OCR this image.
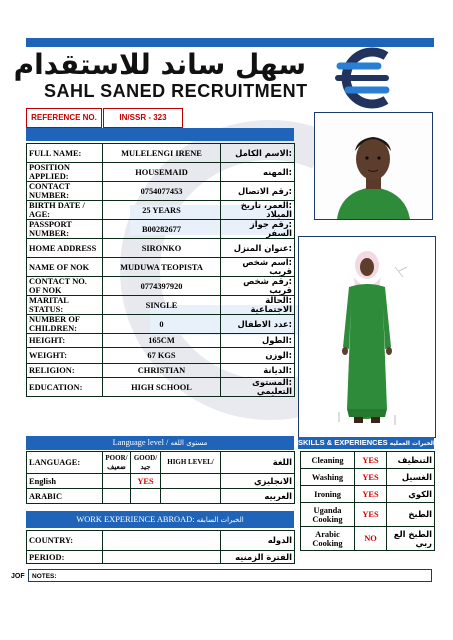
سهل ساند للاستقدام
SAHL SANED RECRUITMENT
REFERENCE NO.	IN/SSR - 323
FULL NAME:	MULELENGI IRENE	:الاسم الكامل
POSITION APPLIED:	HOUSEMAID	:المهنه
CONTACT NUMBER:	0754077453	:رقم الاتصال
BIRTH DATE / AGE:	25 YEARS	:العمر، تاريخ الميلاد
PASSPORT NUMBER:	B00282677	:رقم جواز السفر
HOME ADDRESS	SIRONKO	:عنوان المنزل
NAME OF NOK	MUDUWA TEOPISTA	:اسم شخص قريب
CONTACT NO. OF NOK	0774397920	:رقم شخص قريب
MARITAL STATUS:	SINGLE	:الحالة الاجتماعية
NUMBER OF CHILDREN:	0	:عدد الاطفال
HEIGHT:	165CM	:الطول
WEIGHT:	67 KGS	:الوزن
RELIGION:	CHRISTIAN	:الديانة
EDUCATION:	HIGH SCHOOL	:المستوى التعليمي
Language level / مستوى اللغه
LANGUAGE:	POOR/ ضعيف	GOOD/جيد	HIGH LEVEL/	اللغة
English		YES		الانجليزي
ARABIC				العربيه
WORK EXPERIENCE ABROAD: الخبرات السابقه
COUNTRY:		الدوله
PERIOD:		الفترة الزمنيه
SKILLS & EXPERIENCES الخبرات العمليه
Cleaning	YES	التنظيف
Washing	YES	الغسيل
Ironing	YES	الكوي
Uganda Cooking	YES	الطبخ
Arabic Cooking	NO	الطبخ الع ربي
JOF	NOTES:
